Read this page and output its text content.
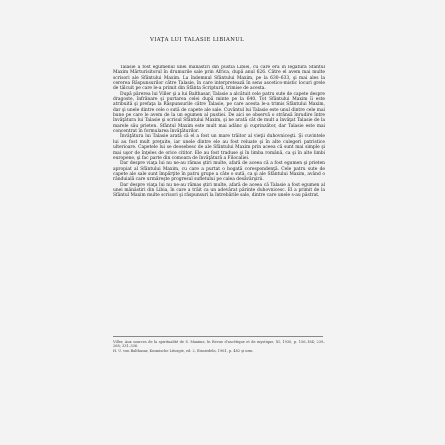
VIAŢA LUI TALASIE LIBIANUL

Talasie a fost egumenul unei mănăstiri din pustia Libiei, cu care era în legătură Sfântul Maxim Mărturisitorul în drumurile sale prin Africa, după anul 626. Către el avem mai multe scrisori ale Sfântului Maxim. La îndemnul Sfântului Maxim, pe la 630–633, şi mai ales la cererea Răspunsurilor către Talasie, în care interpretează în sens ascetico-mistic locuri grele de tâlcuit pe care le-a primit din Sfânta Scriptură, trimise de acesta.

După părerea lui Viller şi a lui Balthasar, Talasie a alcătuit cele patru sute de capete despre dragoste, înfrânare şi purtarea celei după minte pe la 640. Tot Sfântului Maxim îi este atribuită şi prefaţa la Răspunsurile către Talasie, pe care acesta le-a trimis Sfântului Maxim, dar şi unele dintre cele o sută de capete ale sale. Cuvântul lui Talasie este unul dintre cele mai bune pe care le avem de la un egumen al pustiei. De aici se observă o strânsă înrudire între învăţătura lui Talasie şi scrisul Sfântului Maxim, şi ne arată cât de mult a învăţat Talasie de la marele său prieten. Sfântul Maxim este mult mai adânc şi cuprinzător, dar Talasie este mai concentrat în formularea învăţăturilor.

Învăţătura lui Talasie arată că el a fost un mare trăitor al vieţii duhovniceşti. Şi cuvintele lui au fost mult preţuite, iar unele dintre ele au fost reluate şi în alte culegeri patristice ulterioare. Capetele lui se deosebesc de ale Sfântului Maxim prin aceea că sunt mai simple şi mai uşor de înţeles de orice cititor. Ele au fost traduse şi în limba română, ca şi în alte limbi europene, şi fac parte din comoara de învăţătură a Filocaliei.

Dar despre viaţa lui nu ne-au rămas ştiri multe, afară de aceea că a fost egumen şi prieten apropiat al Sfântului Maxim, cu care a purtat o bogată corespondenţă. Cele patru sute de capete ale sale sunt împărţite în patru grupe a câte o sută, ca şi ale Sfântului Maxim, având o rânduială care urmăreşte progresul sufletului pe calea desăvârşirii.

Dar despre viaţa lui nu ne-au rămas ştiri multe, afară de aceea că Talasie a fost egumen al unei mănăstiri din Libia, în care a trăit ca un adevărat părinte duhovnicesc. El a primit de la Sfântul Maxim multe scrisori şi răspunsuri la întrebările sale, dintre care unele s-au păstrat.

Viller, Aux sources de la spiritualité de S. Maxime, în Revue d'ascétique et de mystique, XI, 1930, p. 156–184; 239–268; 331–336.

H. U. von Balthasar, Kosmische Liturgie, ed. 2, Einsiedeln, 1961, p. 482 şi urm.
